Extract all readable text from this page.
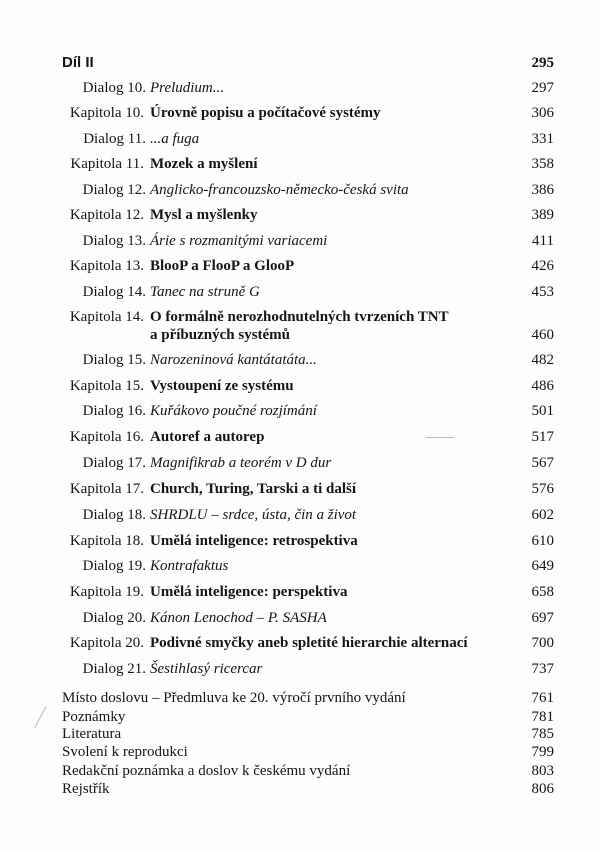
Díl II	295
Dialog 10. Preludium...	297
Kapitola 10. Úrovně popisu a počítačové systémy	306
Dialog 11. ...a fuga	331
Kapitola 11. Mozek a myšlení	358
Dialog 12. Anglicko-francouzsko-německo-česká svita	386
Kapitola 12. Mysl a myšlenky	389
Dialog 13. Árie s rozmanitými variacemi	411
Kapitola 13. BlooP a FlooP a GlooP	426
Dialog 14. Tanec na struně G	453
Kapitola 14. O formálně nerozhodnutelných tvrzeních TNT
a příbuzných systémů	460
Dialog 15. Narozeninová kantátatáta...	482
Kapitola 15. Vystoupení ze systému	486
Dialog 16. Kuřákovo poučné rozjímání	501
Kapitola 16. Autoref a autorep	517
Dialog 17. Magnifikrab a teorém v D dur	567
Kapitola 17. Church, Turing, Tarski a ti další	576
Dialog 18. SHRDLU – srdce, ústa, čin a život	602
Kapitola 18. Umělá inteligence: retrospektiva	610
Dialog 19. Kontrafaktus	649
Kapitola 19. Umělá inteligence: perspektiva	658
Dialog 20. Kánon Lenochod – P. SASHA	697
Kapitola 20. Podivné smyčky aneb spletité hierarchie alternací	700
Dialog 21. Šestihlasý ricercar	737
Místo doslovu – Předmluva ke 20. výročí prvního vydání	761
Poznámky	781
Literatura	785
Svolení k reprodukci	799
Redakční poznámka a doslov k českému vydání	803
Rejstřík	806
